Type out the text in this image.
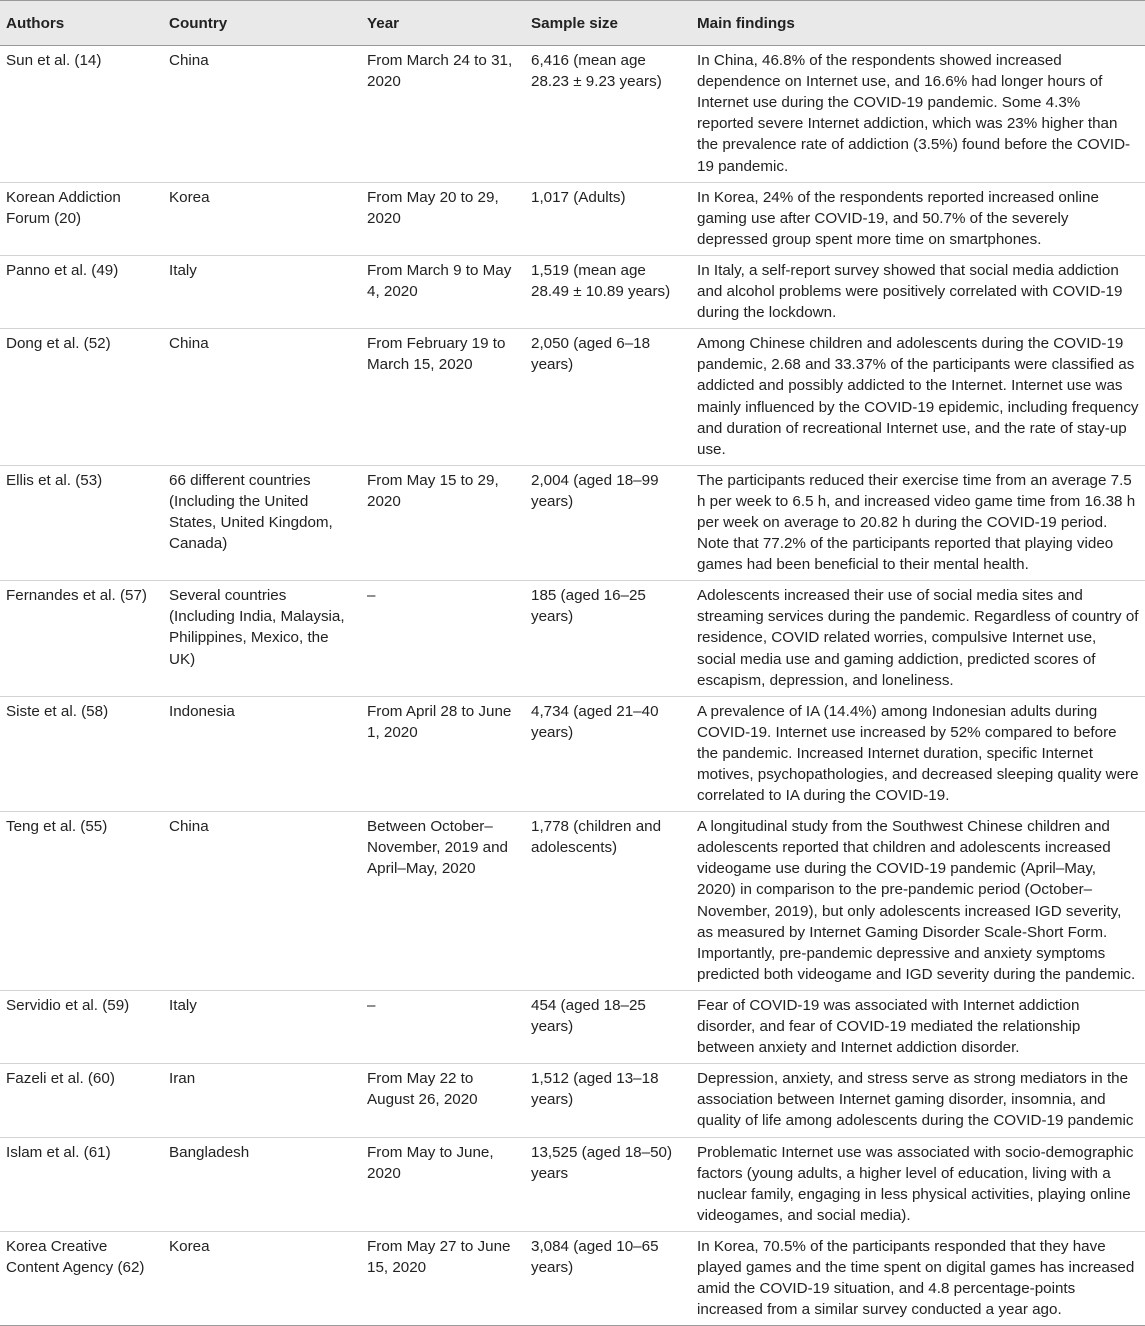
Authors	Country	Year	Sample size	Main findings
Sun et al. (14)	China	From March 24 to 31, 2020	6,416 (mean age 28.23 ± 9.23 years)	In China, 46.8% of the respondents showed increased dependence on Internet use, and 16.6% had longer hours of Internet use during the COVID-19 pandemic. Some 4.3% reported severe Internet addiction, which was 23% higher than the prevalence rate of addiction (3.5%) found before the COVID-19 pandemic.
Korean Addiction Forum (20)	Korea	From May 20 to 29, 2020	1,017 (Adults)	In Korea, 24% of the respondents reported increased online gaming use after COVID-19, and 50.7% of the severely depressed group spent more time on smartphones.
Panno et al. (49)	Italy	From March 9 to May 4, 2020	1,519 (mean age 28.49 ± 10.89 years)	In Italy, a self-report survey showed that social media addiction and alcohol problems were positively correlated with COVID-19 during the lockdown.
Dong et al. (52)	China	From February 19 to March 15, 2020	2,050 (aged 6–18 years)	Among Chinese children and adolescents during the COVID-19 pandemic, 2.68 and 33.37% of the participants were classified as addicted and possibly addicted to the Internet. Internet use was mainly influenced by the COVID-19 epidemic, including frequency and duration of recreational Internet use, and the rate of stay-up use.
Ellis et al. (53)	66 different countries (Including the United States, United Kingdom, Canada)	From May 15 to 29, 2020	2,004 (aged 18–99 years)	The participants reduced their exercise time from an average 7.5 h per week to 6.5 h, and increased video game time from 16.38 h per week on average to 20.82 h during the COVID-19 period. Note that 77.2% of the participants reported that playing video games had been beneficial to their mental health.
Fernandes et al. (57)	Several countries (Including India, Malaysia, Philippines, Mexico, the UK)	–	185 (aged 16–25 years)	Adolescents increased their use of social media sites and streaming services during the pandemic. Regardless of country of residence, COVID related worries, compulsive Internet use, social media use and gaming addiction, predicted scores of escapism, depression, and loneliness.
Siste et al. (58)	Indonesia	From April 28 to June 1, 2020	4,734 (aged 21–40 years)	A prevalence of IA (14.4%) among Indonesian adults during COVID-19. Internet use increased by 52% compared to before the pandemic. Increased Internet duration, specific Internet motives, psychopathologies, and decreased sleeping quality were correlated to IA during the COVID-19.
Teng et al. (55)	China	Between October–November, 2019 and April–May, 2020	1,778 (children and adolescents)	A longitudinal study from the Southwest Chinese children and adolescents reported that children and adolescents increased videogame use during the COVID-19 pandemic (April–May, 2020) in comparison to the pre-pandemic period (October–November, 2019), but only adolescents increased IGD severity, as measured by Internet Gaming Disorder Scale-Short Form. Importantly, pre-pandemic depressive and anxiety symptoms predicted both videogame and IGD severity during the pandemic.
Servidio et al. (59)	Italy	–	454 (aged 18–25 years)	Fear of COVID-19 was associated with Internet addiction disorder, and fear of COVID-19 mediated the relationship between anxiety and Internet addiction disorder.
Fazeli et al. (60)	Iran	From May 22 to August 26, 2020	1,512 (aged 13–18 years)	Depression, anxiety, and stress serve as strong mediators in the association between Internet gaming disorder, insomnia, and quality of life among adolescents during the COVID-19 pandemic
Islam et al. (61)	Bangladesh	From May to June, 2020	13,525 (aged 18–50) years	Problematic Internet use was associated with socio-demographic factors (young adults, a higher level of education, living with a nuclear family, engaging in less physical activities, playing online videogames, and social media).
Korea Creative Content Agency (62)	Korea	From May 27 to June 15, 2020	3,084 (aged 10–65 years)	In Korea, 70.5% of the participants responded that they have played games and the time spent on digital games has increased amid the COVID-19 situation, and 4.8 percentage-points increased from a similar survey conducted a year ago.
